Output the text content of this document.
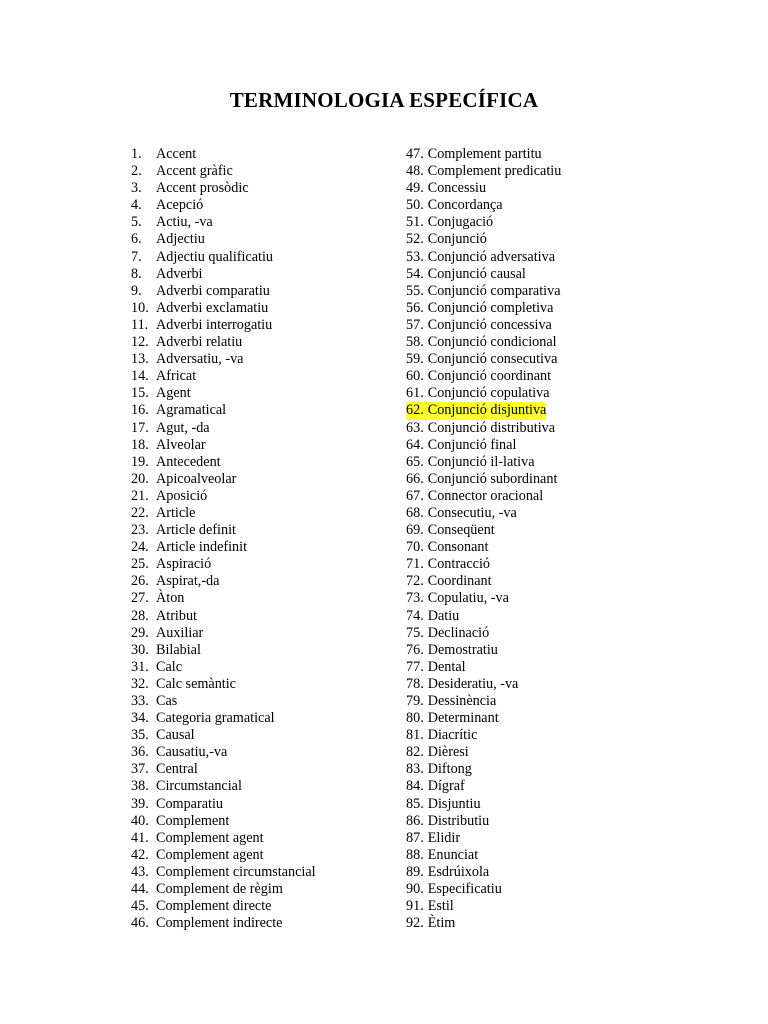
TERMINOLOGIA ESPECÍFICA
1.	Accent
2.	Accent gràfic
3.	Accent prosòdic
4.	Acepció
5.	Actiu, -va
6.	Adjectiu
7.	Adjectiu qualificatiu
8.	Adverbi
9.	Adverbi comparatiu
10. Adverbi exclamatiu
11. Adverbi interrogatiu
12. Adverbi relatiu
13. Adversatiu, -va
14. Africat
15. Agent
16. Agramatical
17. Agut, -da
18. Alveolar
19. Antecedent
20. Apicoalveolar
21. Aposició
22. Article
23. Article definit
24. Article indefinit
25. Aspiració
26. Aspirat,-da
27. Àton
28. Atribut
29. Auxiliar
30. Bilabial
31. Calc
32. Calc semàntic
33. Cas
34. Categoria gramatical
35. Causal
36. Causatiu,-va
37. Central
38. Circumstancial
39. Comparatiu
40. Complement
41. Complement agent
42. Complement agent
43. Complement circumstancial
44. Complement de règim
45. Complement directe
46. Complement indirecte
47. Complement partitu
48. Complement predicatiu
49. Concessiu
50. Concordança
51. Conjugació
52. Conjunció
53. Conjunció adversativa
54. Conjunció causal
55. Conjunció comparativa
56. Conjunció completiva
57. Conjunció concessiva
58. Conjunció condicional
59. Conjunció consecutiva
60. Conjunció coordinant
61. Conjunció copulativa
62. Conjunció disjuntiva
63. Conjunció distributiva
64. Conjunció final
65. Conjunció il-lativa
66. Conjunció subordinant
67. Connector oracional
68. Consecutiu, -va
69. Conseqüent
70. Consonant
71. Contracció
72. Coordinant
73. Copulatiu, -va
74. Datiu
75. Declinació
76. Demostratiu
77. Dental
78. Desideratiu, -va
79. Dessinència
80. Determinant
81. Diacrític
82. Dièresi
83. Diftong
84. Dígraf
85. Disjuntiu
86. Distributiu
87. Elidir
88. Enunciat
89. Esdrúixola
90. Especificatiu
91. Estil
92. Ètim
